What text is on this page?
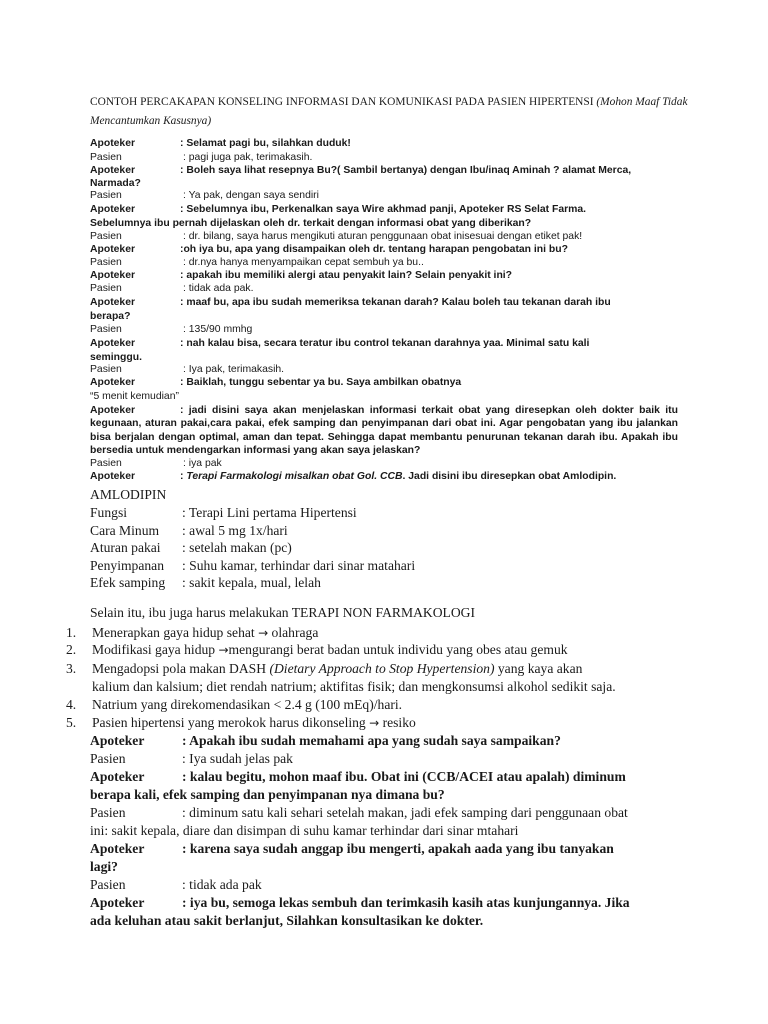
CONTOH PERCAKAPAN KONSELING INFORMASI DAN KOMUNIKASI PADA PASIEN HIPERTENSI (Mohon Maaf Tidak Mencantumkan Kasusnya)
Apoteker	: Selamat pagi bu, silahkan duduk!
Pasien	: pagi juga pak, terimakasih.
Apoteker	: Boleh saya lihat resepnya Bu?( Sambil bertanya) dengan Ibu/inaq Aminah ? alamat Merca,
Narmada?
Pasien	: Ya pak, dengan saya sendiri
Apoteker	: Sebelumnya ibu, Perkenalkan saya Wire akhmad panji, Apoteker RS Selat Farma.
Sebelumnya ibu pernah dijelaskan oleh dr. terkait dengan informasi obat yang diberikan?
Pasien	: dr. bilang, saya harus mengikuti aturan penggunaan obat inisesuai dengan etiket pak!
Apoteker	:oh iya bu, apa yang disampaikan oleh dr. tentang harapan pengobatan ini bu?
Pasien	: dr.nya hanya menyampaikan cepat sembuh ya bu..
Apoteker	: apakah ibu memiliki alergi atau penyakit lain? Selain penyakit ini?
Pasien	: tidak ada pak.
Apoteker	: maaf bu, apa ibu sudah memeriksa tekanan darah? Kalau boleh tau tekanan darah ibu
berapa?
Pasien	: 135/90 mmhg
Apoteker	: nah kalau bisa, secara teratur ibu control tekanan darahnya yaa. Minimal satu kali
seminggu.
Pasien	: Iya pak, terimakasih.
Apoteker	: Baiklah, tunggu sebentar ya bu. Saya ambilkan obatnya
“5 menit kemudian”
Apoteker	: jadi disini saya akan menjelaskan informasi terkait obat yang diresepkan oleh dokter baik itu kegunaan, aturan pakai,cara pakai, efek samping dan penyimpanan dari obat ini. Agar pengobatan yang ibu jalankan bisa berjalan dengan optimal, aman dan tepat. Sehingga dapat membantu penurunan tekanan darah ibu. Apakah ibu bersedia untuk mendengarkan informasi yang akan saya jelaskan?
Pasien	: iya pak
Apoteker	: Terapi Farmakologi misalkan obat Gol. CCB. Jadi disini ibu diresepkan obat Amlodipin.
AMLODIPIN
Fungsi	: Terapi Lini pertama Hipertensi
Cara Minum : awal 5 mg 1x/hari
Aturan pakai : setelah makan (pc)
Penyimpanan : Suhu kamar, terhindar dari sinar matahari
Efek samping : sakit kepala, mual, lelah
Selain itu, ibu juga harus melakukan TERAPI NON FARMAKOLOGI
1. Menerapkan gaya hidup sehat → olahraga
2. Modifikasi gaya hidup →mengurangi berat badan untuk individu yang obes atau gemuk
3. Mengadopsi pola makan DASH (Dietary Approach to Stop Hypertension) yang kaya akan
kalium dan kalsium; diet rendah natrium; aktifitas fisik; dan mengkonsumsi alkohol sedikit saja.
4. Natrium yang direkomendasikan < 2.4 g (100 mEq)/hari.
5. Pasien hipertensi yang merokok harus dikonseling → resiko
Apoteker	: Apakah ibu sudah memahami apa yang sudah saya sampaikan?
Pasien	: Iya sudah jelas pak
Apoteker	: kalau begitu, mohon maaf ibu. Obat ini (CCB/ACEI atau apalah) diminum
berapa kali, efek samping dan penyimpanan nya dimana bu?
Pasien	: diminum satu kali sehari setelah makan, jadi efek samping dari penggunaan obat
ini: sakit kepala, diare dan disimpan di suhu kamar terhindar dari sinar mtahari
Apoteker	: karena saya sudah anggap ibu mengerti, apakah aada yang ibu tanyakan
lagi?
Pasien	: tidak ada pak
Apoteker	: iya bu, semoga lekas sembuh dan terimkasih kasih atas kunjungannya. Jika
ada keluhan atau sakit berlanjut, Silahkan konsultasikan ke dokter.
